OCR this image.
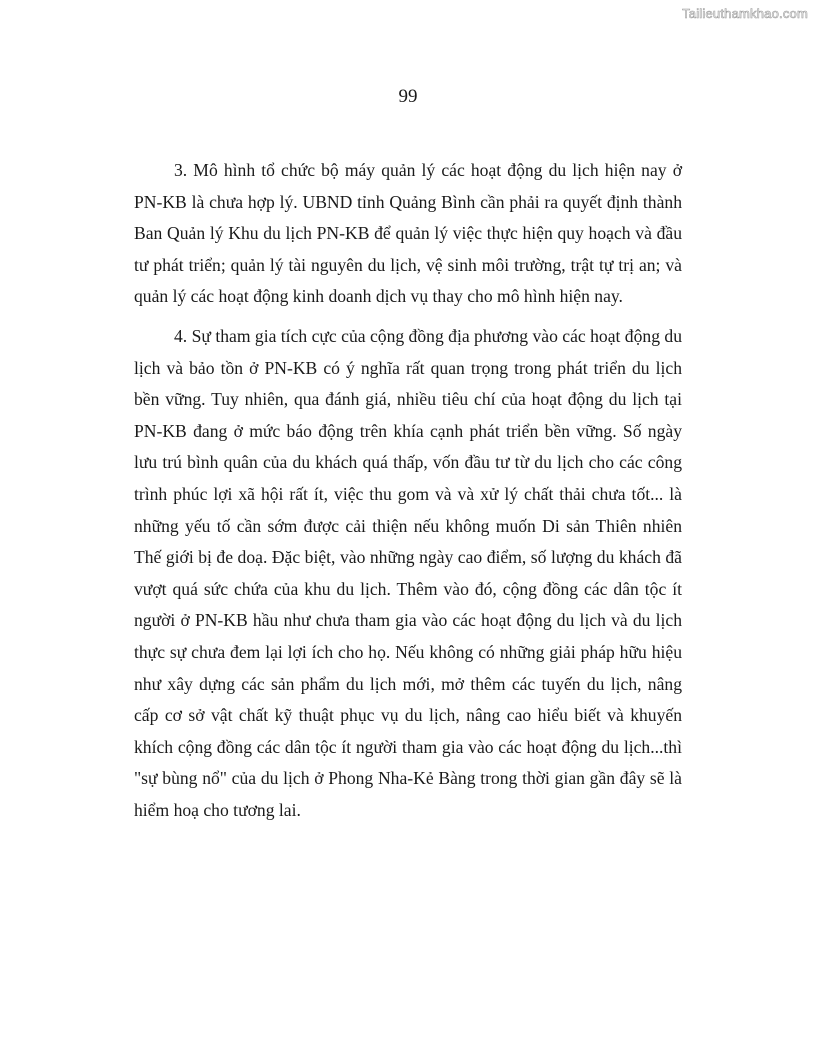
Tailieuthamkhao.com
99

3. Mô hình tổ chức bộ máy quản lý các hoạt động du lịch hiện nay ở PN-KB là chưa hợp lý. UBND tỉnh Quảng Bình cần phải ra quyết định thành Ban Quản lý Khu du lịch PN-KB để quản lý việc thực hiện quy hoạch và đầu tư phát triển; quản lý tài nguyên du lịch, vệ sinh môi trường, trật tự trị an; và quản lý các hoạt động kinh doanh dịch vụ thay cho mô hình hiện nay.

4. Sự tham gia tích cực của cộng đồng địa phương vào các hoạt động du lịch và bảo tồn ở PN-KB có ý nghĩa rất quan trọng trong phát triển du lịch bền vững. Tuy nhiên, qua đánh giá, nhiều tiêu chí của hoạt động du lịch tại PN-KB đang ở mức báo động trên khía cạnh phát triển bền vững. Số ngày lưu trú bình quân của du khách quá thấp, vốn đầu tư từ du lịch cho các công trình phúc lợi xã hội rất ít, việc thu gom và và xử lý chất thải chưa tốt... là những yếu tố cần sớm được cải thiện nếu không muốn Di sản Thiên nhiên Thế giới bị đe doạ. Đặc biệt, vào những ngày cao điểm, số lượng du khách đã vượt quá sức chứa của khu du lịch. Thêm vào đó, cộng đồng các dân tộc ít người ở PN-KB hầu như chưa tham gia vào các hoạt động du lịch và du lịch thực sự chưa đem lại lợi ích cho họ. Nếu không có những giải pháp hữu hiệu như xây dựng các sản phẩm du lịch mới, mở thêm các tuyến du lịch, nâng cấp cơ sở vật chất kỹ thuật phục vụ du lịch, nâng cao hiểu biết và khuyến khích cộng đồng các dân tộc ít người tham gia vào các hoạt động du lịch...thì "sự bùng nổ" của du lịch ở Phong Nha-Kẻ Bàng trong thời gian gần đây sẽ là hiểm hoạ cho tương lai.
